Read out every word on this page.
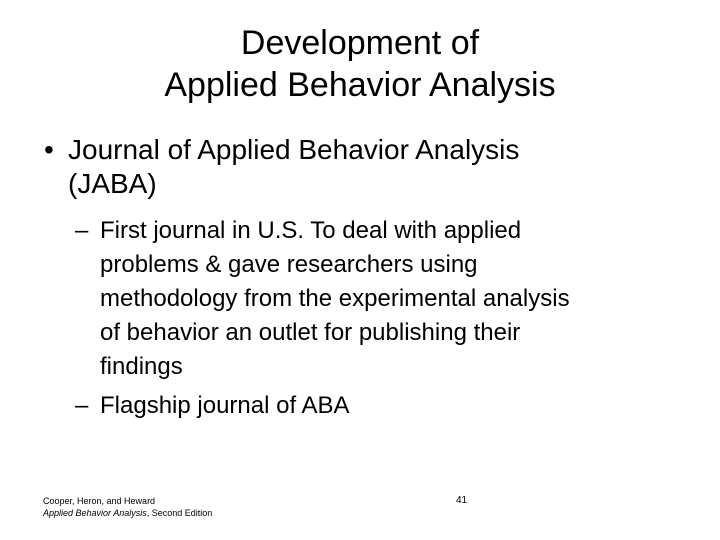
Development of
Applied Behavior Analysis
• Journal of Applied Behavior Analysis
(JABA)
– First journal in U.S. To deal with applied
problems & gave researchers using
methodology from the experimental analysis
of behavior an outlet for publishing their
findings
– Flagship journal of ABA
Cooper, Heron, and Heward
Applied Behavior Analysis, Second Edition
41
